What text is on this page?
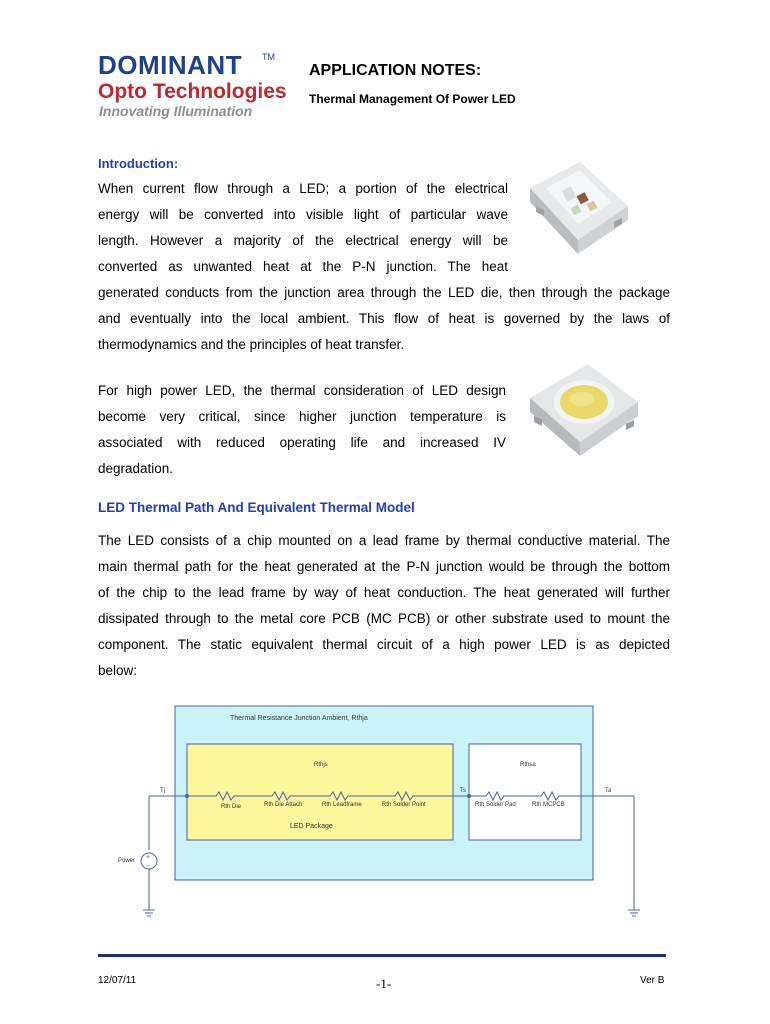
DOMINANT TM
Opto Technologies
Innovating Illumination
APPLICATION NOTES:
Thermal Management Of Power LED
Introduction:

When current flow through a LED; a portion of the electrical

energy will be converted into visible light of particular wave

length. However a majority of the electrical energy will be

converted as unwanted heat at the P-N junction. The heat

generated conducts from the junction area through the LED die, then through the package

and eventually into the local ambient. This flow of heat is governed by the laws of

thermodynamics and the principles of heat transfer.

For high power LED, the thermal consideration of LED design

become very critical, since higher junction temperature is

associated with reduced operating life and increased IV

degradation.

LED Thermal Path And Equivalent Thermal Model

The LED consists of a chip mounted on a lead frame by thermal conductive material. The

main thermal path for the heat generated at the P-N junction would be through the bottom

of the chip to the lead frame by way of heat conduction. The heat generated will further

dissipated through to the metal core PCB (MC PCB) or other substrate used to mount the

component. The static equivalent thermal circuit of a high power LED is as depicted

below:

Thermal Resistance Junction Ambient, Rthja
Rthjs	Rthsa
Tj	Ts	Ta
LED Package
Power
Rth Die	Rth Die Attach	Rth Leadframe	Rth Solder Point	Rth Solder Pad	Rth MCPCB
+
−
12/07/11	-1-	Ver B
